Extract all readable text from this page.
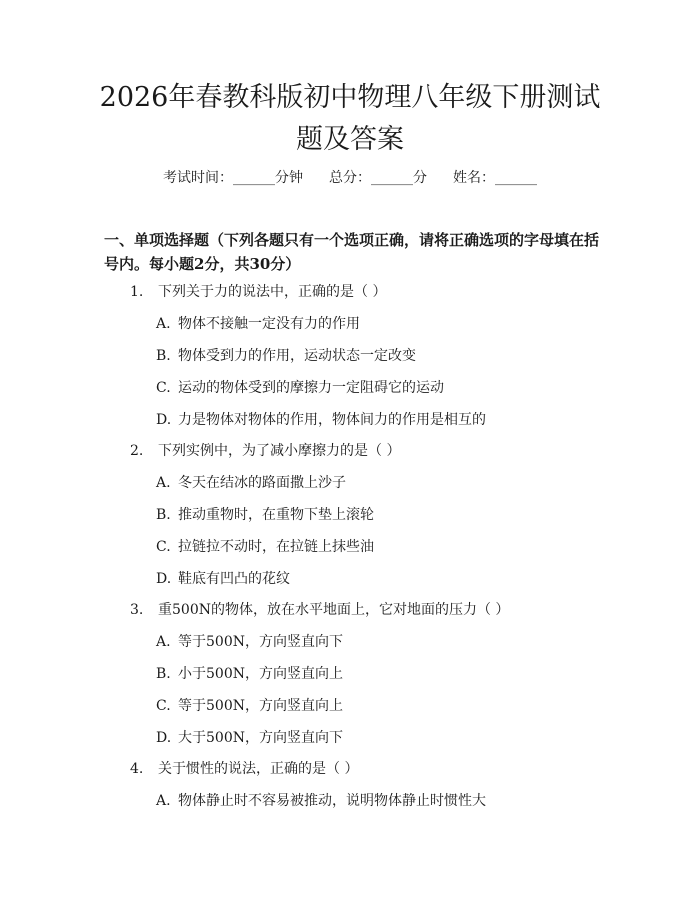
2026年春教科版初中物理八年级下册测试题及答案
考试时间：______分钟 总分：______分 姓名：______

一、单项选择题（下列各题只有一个选项正确，请将正确选项的字母填在括号内。每小题2分，共30分）

1. 下列关于力的说法中，正确的是（ ）
A. 物体不接触一定没有力的作用
B. 物体受到力的作用，运动状态一定改变
C. 运动的物体受到的摩擦力一定阻碍它的运动
D. 力是物体对物体的作用，物体间力的作用是相互的
2. 下列实例中，为了减小摩擦力的是（ ）
A. 冬天在结冰的路面撒上沙子
B. 推动重物时，在重物下垫上滚轮
C. 拉链拉不动时，在拉链上抹些油
D. 鞋底有凹凸的花纹
3. 重500N的物体，放在水平地面上，它对地面的压力（ ）
A. 等于500N，方向竖直向下
B. 小于500N，方向竖直向上
C. 等于500N，方向竖直向上
D. 大于500N，方向竖直向下
4. 关于惯性的说法，正确的是（ ）
A. 物体静止时不容易被推动，说明物体静止时惯性大
